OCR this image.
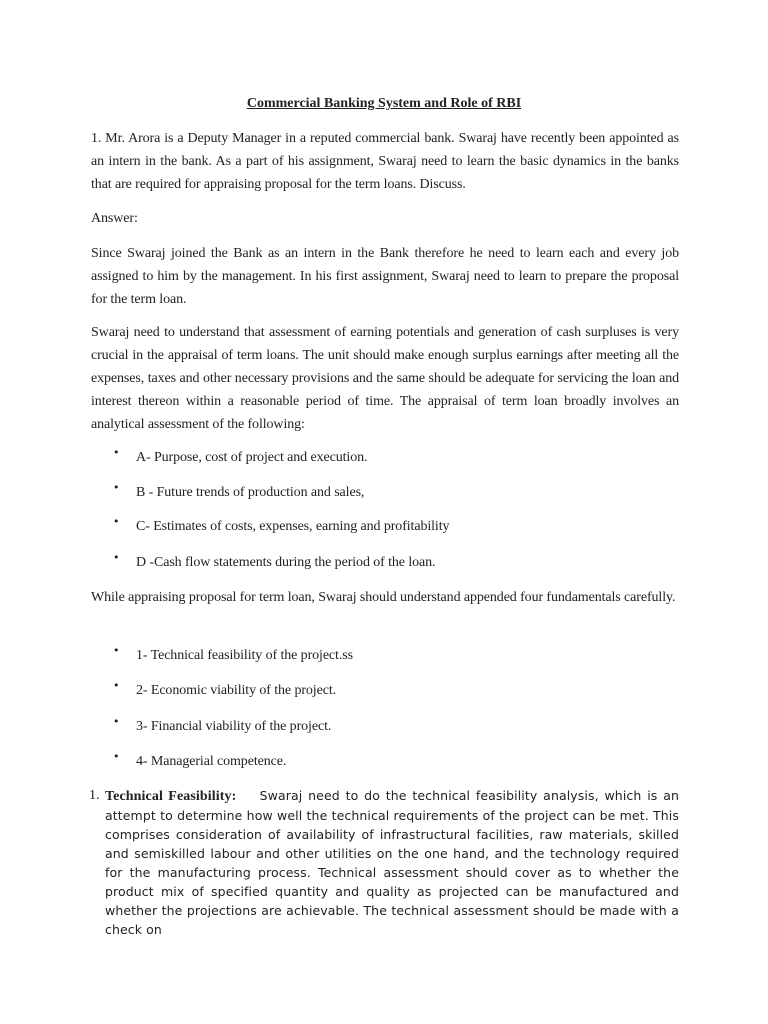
Commercial Banking System and Role of RBI

1. Mr. Arora is a Deputy Manager in a reputed commercial bank. Swaraj have recently been appointed as an intern in the bank. As a part of his assignment, Swaraj need to learn the basic dynamics in the banks that are required for appraising proposal for the term loans. Discuss.

Answer:

Since Swaraj joined the Bank as an intern in the Bank therefore he need to learn each and every job assigned to him by the management. In his first assignment, Swaraj need to learn to prepare the proposal for the term loan.

Swaraj need to understand that assessment of earning potentials and generation of cash surpluses is very crucial in the appraisal of term loans. The unit should make enough surplus earnings after meeting all the expenses, taxes and other necessary provisions and the same should be adequate for servicing the loan and interest thereon within a reasonable period of time. The appraisal of term loan broadly involves an analytical assessment of the following:

• A- Purpose, cost of project and execution.
• B - Future trends of production and sales,
• C- Estimates of costs, expenses, earning and profitability
• D -Cash flow statements during the period of the loan.

While appraising proposal for term loan, Swaraj should understand appended four fundamentals carefully.

• 1- Technical feasibility of the project.ss
• 2- Economic viability of the project.
• 3- Financial viability of the project.
• 4- Managerial competence.
1. Technical Feasibility: Swaraj need to do the technical feasibility analysis, which is an attempt to determine how well the technical requirements of the project can be met. This comprises consideration of availability of infrastructural facilities, raw materials, skilled and semiskilled labour and other utilities on the one hand, and the technology required for the manufacturing process. Technical assessment should cover as to whether the product mix of specified quantity and quality as projected can be manufactured and whether the projections are achievable. The technical assessment should be made with a check on
